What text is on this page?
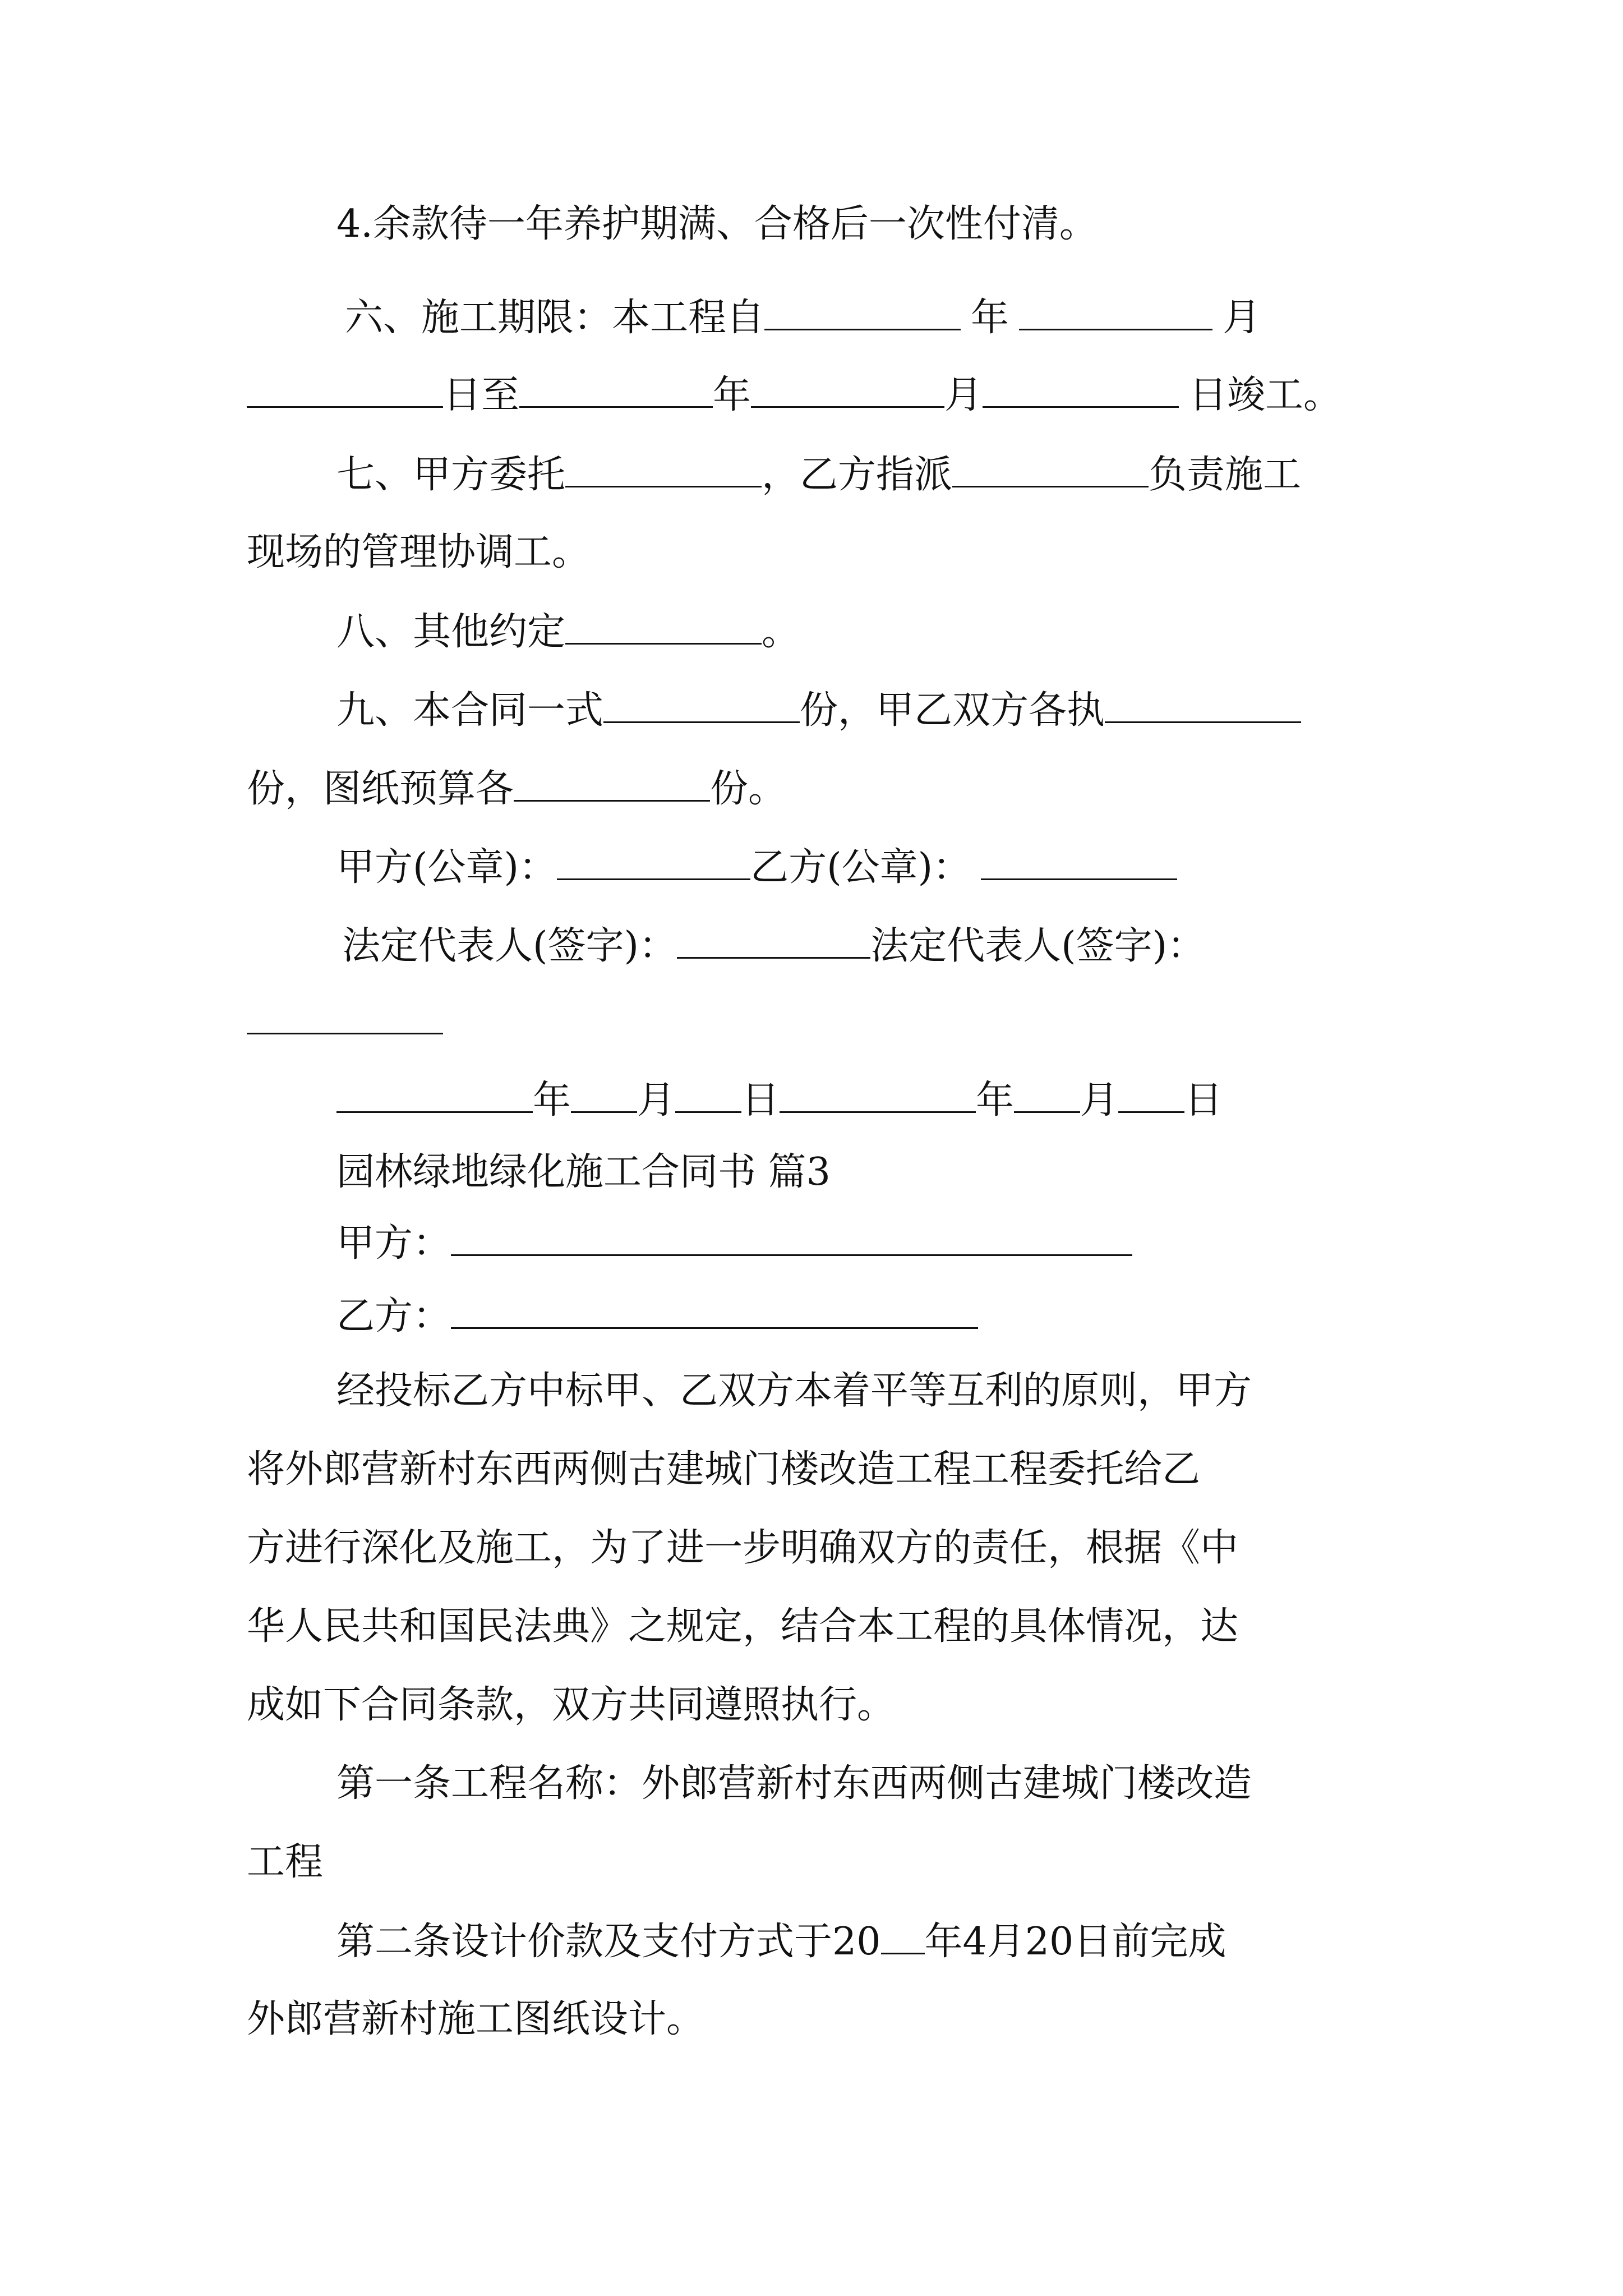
4.余款待一年养护期满、合格后一次性付清。
六、施工期限：本工程自	年	月
日至	年	月	日竣工。
七、甲方委托	，乙方指派	负责施工
现场的管理协调工。
八、其他约定	。
九、本合同一式	份，甲乙双方各执
份，图纸预算各	份。
甲方(公章)：	乙方(公章)：
法定代表人(签字)：	法定代表人(签字)：
年 月 日	年 月 日
园林绿地绿化施工合同书 篇3
甲方：
乙方：
经投标乙方中标甲、乙双方本着平等互利的原则，甲方
将外郎营新村东西两侧古建城门楼改造工程工程委托给乙
方进行深化及施工，为了进一步明确双方的责任，根据《中
华人民共和国民法典》之规定，结合本工程的具体情况，达
成如下合同条款，双方共同遵照执行。
第一条工程名称：外郎营新村东西两侧古建城门楼改造
工程
第二条设计价款及支付方式于20 年4月20日前完成
外郎营新村施工图纸设计。
